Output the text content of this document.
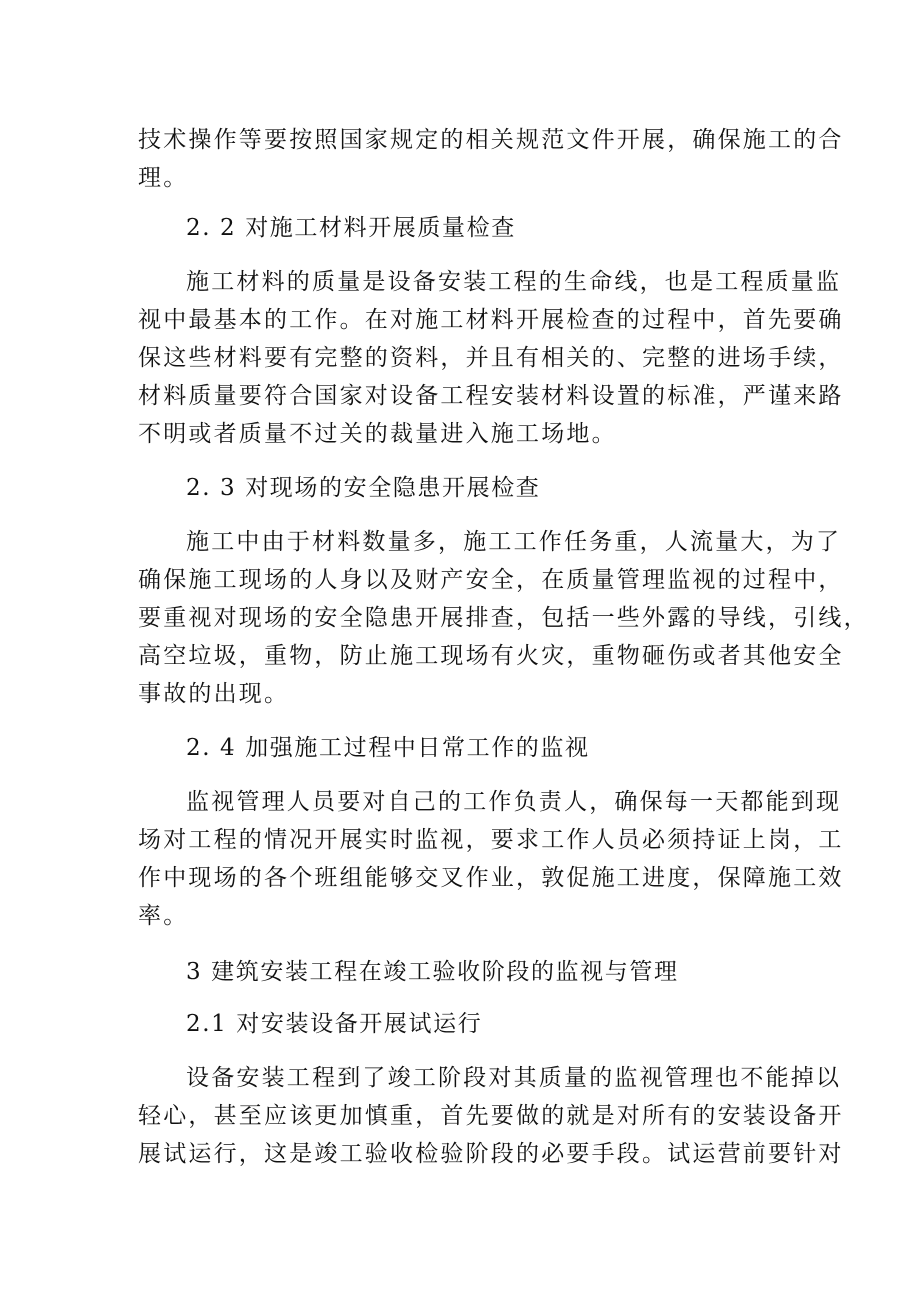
技术操作等要按照国家规定的相关规范文件开展，确保施工的合
理。
2. 2 对施工材料开展质量检查
施工材料的质量是设备安装工程的生命线，也是工程质量监
视中最基本的工作。在对施工材料开展检查的过程中，首先要确
保这些材料要有完整的资料，并且有相关的、完整的进场手续，
材料质量要符合国家对设备工程安装材料设置的标准，严谨来路
不明或者质量不过关的裁量进入施工场地。
2. 3 对现场的安全隐患开展检查
施工中由于材料数量多，施工工作任务重，人流量大，为了
确保施工现场的人身以及财产安全，在质量管理监视的过程中，
要重视对现场的安全隐患开展排查，包括一些外露的导线，引线，
高空垃圾，重物，防止施工现场有火灾，重物砸伤或者其他安全
事故的出现。
2. 4 加强施工过程中日常工作的监视
监视管理人员要对自己的工作负责人，确保每一天都能到现
场对工程的情况开展实时监视，要求工作人员必须持证上岗，工
作中现场的各个班组能够交叉作业，敦促施工进度，保障施工效
率。
3 建筑安装工程在竣工验收阶段的监视与管理
2.1 对安装设备开展试运行
设备安装工程到了竣工阶段对其质量的监视管理也不能掉以
轻心，甚至应该更加慎重，首先要做的就是对所有的安装设备开
展试运行，这是竣工验收检验阶段的必要手段。试运营前要针对
